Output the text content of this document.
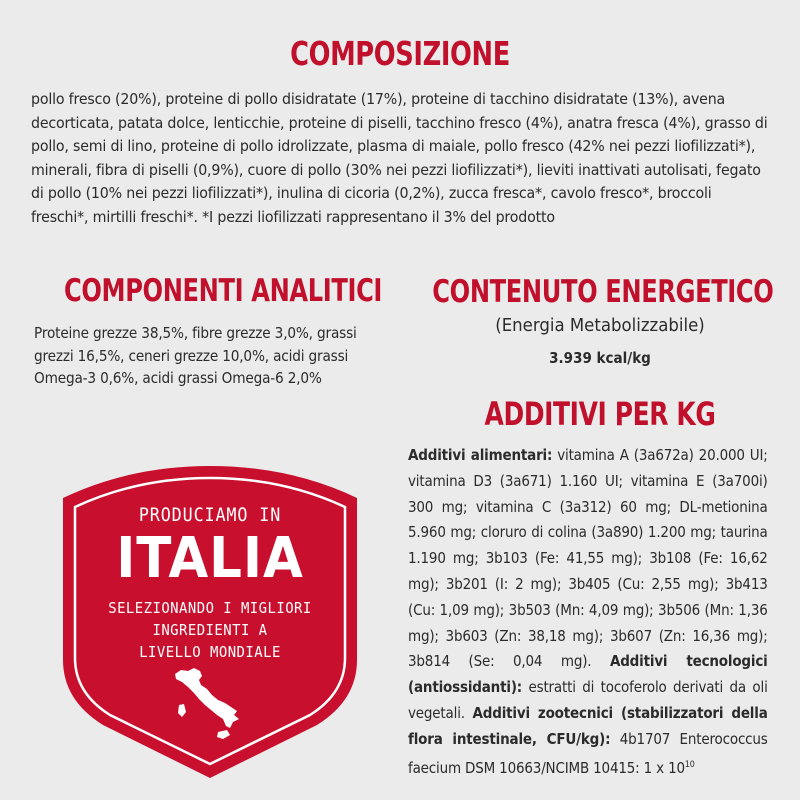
COMPOSIZIONE

pollo fresco (20%), proteine di pollo disidratate (17%), proteine di tacchino disidratate (13%), avena decorticata, patata dolce, lenticchie, proteine di piselli, tacchino fresco (4%), anatra fresca (4%), grasso di pollo, semi di lino, proteine di pollo idrolizzate, plasma di maiale, pollo fresco (42% nei pezzi liofilizzati*), minerali, fibra di piselli (0,9%), cuore di pollo (30% nei pezzi liofilizzati*), lieviti inattivati autolisati, fegato di pollo (10% nei pezzi liofilizzati*), inulina di cicoria (0,2%), zucca fresca*, cavolo fresco*, broccoli freschi*, mirtilli freschi*. *I pezzi liofilizzati rappresentano il 3% del prodotto

COMPONENTI ANALITICI

Proteine grezze 38,5%, fibre grezze 3,0%, grassi grezzi 16,5%, ceneri grezze 10,0%, acidi grassi Omega-3 0,6%, acidi grassi Omega-6 2,0%

CONTENUTO ENERGETICO

(Energia Metabolizzabile)

3.939 kcal/kg

ADDITIVI PER KG

Additivi alimentari: vitamina A (3a672a) 20.000 UI; vitamina D3 (3a671) 1.160 UI; vitamina E (3a700i) 300 mg; vitamina C (3a312) 60 mg; DL-metionina 5.960 mg; cloruro di colina (3a890) 1.200 mg; taurina 1.190 mg; 3b103 (Fe: 41,55 mg); 3b108 (Fe: 16,62 mg); 3b201 (I: 2 mg); 3b405 (Cu: 2,55 mg); 3b413 (Cu: 1,09 mg); 3b503 (Mn: 4,09 mg); 3b506 (Mn: 1,36 mg); 3b603 (Zn: 38,18 mg); 3b607 (Zn: 16,36 mg); 3b814 (Se: 0,04 mg). Additivi tecnologici (antiossidanti): estratti di tocoferolo derivati da oli vegetali. Additivi zootecnici (stabilizzatori della flora intestinale, CFU/kg): 4b1707 Enterococcus faecium DSM 10663/NCIMB 10415: 1 x $10^{10}$

PRODUCIAMO IN

ITALIA

SELEZIONANDO I MIGLIORI
INGREDIENTI A
LIVELLO MONDIALE
